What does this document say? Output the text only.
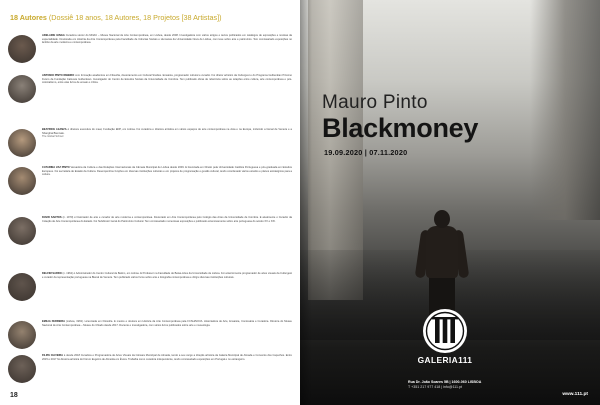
18 Autores (Dossiê 18 anos, 18 Autores, 18 Projetos [38 Artistas])
ADELAIDE GINGA Curadora sénior do MNAC – Museu Nacional de Arte Contemporânea, em Lisboa, desde 2008. Investigadora com vários artigos e textos publicados em catálogos de exposições e revistas da especialidade. Doutorada em História da Arte Contemporânea pela Faculdade de Ciências Sociais e Humanas da Universidade Nova de Lisboa, com tese sobre arte e património. Tem comissariado exposições no âmbito da arte moderna e contemporânea.
ANTÓNIO PINTO RIBEIRO com formação académica em Filosofia, doutoramento em Cultural Studies. Ensaísta, programador cultural e curador. Foi diretor artístico da Culturgest e do Programa Gulbenkian Próximo Futuro da Fundação Calouste Gulbenkian. Investigador do Centro de Estudos Sociais da Universidade de Coimbra. Tem publicado obras de referência sobre as relações entre cultura, arte contemporânea e pós-colonialismo, entre elas livros de ensaio e crítica.
BEATRICE LEANZA é diretora executiva do maat, Fundação EDP, em Lisboa. Foi curadora e diretora artística em vários espaços de arte contemporânea na Ásia e na Europa, incluindo a bienal de Veneza e a Shanghai Biennale.
The Global School
CATARINA VAZ PINTO Vereadora da Cultura e das Relações Internacionais da Câmara Municipal de Lisboa desde 2009. É licenciada em Direito pela Universidade Católica Portuguesa e pós-graduada em Estudos Europeus. Foi secretária de Estado da Cultura. Desempenhou funções em diversas instituições culturais e em projetos de programação e gestão cultural, tendo coordenado vários estudos e planos estratégicos para a cultura.
DAVID SANTOS (n. 1970) é historiador de arte e curador de arte moderna e contemporânea. Doutorado em Arte Contemporânea pelo Colégio das Artes da Universidade de Coimbra. É atualmente o Curador da Coleção de Arte Contemporânea do Estado. Foi Subdiretor Geral do Património Cultural. Tem comissariado numerosas exposições e publicado extensivamente sobre arte portuguesa do século XX e XXI.
DELFIM SARDO (n. 1962) é Administrador do Centro Cultural de Belém, em Lisboa. É Professor na Faculdade de Belas-Artes da Universidade de Lisboa. Foi anteriormente programador de artes visuais da Culturgest e curador da representação portuguesa na Bienal de Veneza. Tem publicado vários livros sobre arte e fotografia contemporânea e dirigiu diversas instituições culturais.
EMÍLIA FERREIRA (Lisboa, 1963). Licenciada em Filosofia. É mestre e doutora em História da Arte Contemporânea pela FCSH/NOVA. Historiadora de Arte, Ensaísta, Comissária e Curadora. Diretora do Museu Nacional de Arte Contemporânea – Museu do Chiado desde 2017. Docente e investigadora, com vários livros publicados sobre arte e museologia.
FILIPA OLIVEIRA é desde 2018 Curadora e Programadora de Artes Visuais da Câmara Municipal de Almada, tendo a seu cargo a direção artística da Galeria Municipal de Almada e Convento dos Capuchos. Entre 2015 e 2017 foi diretora artística do Fórum Eugénio de Almeida em Évora. Trabalha como curadora independente, tendo comissariado exposições em Portugal e no estrangeiro.
18
Mauro Pinto
Blackmoney
19.09.2020 | 07.11.2020
GALERIA111
Rua Dr. João Soares 5B | 1600-060 LISBOA
T +351 217 977 418 | info@111.pt
www.111.pt
